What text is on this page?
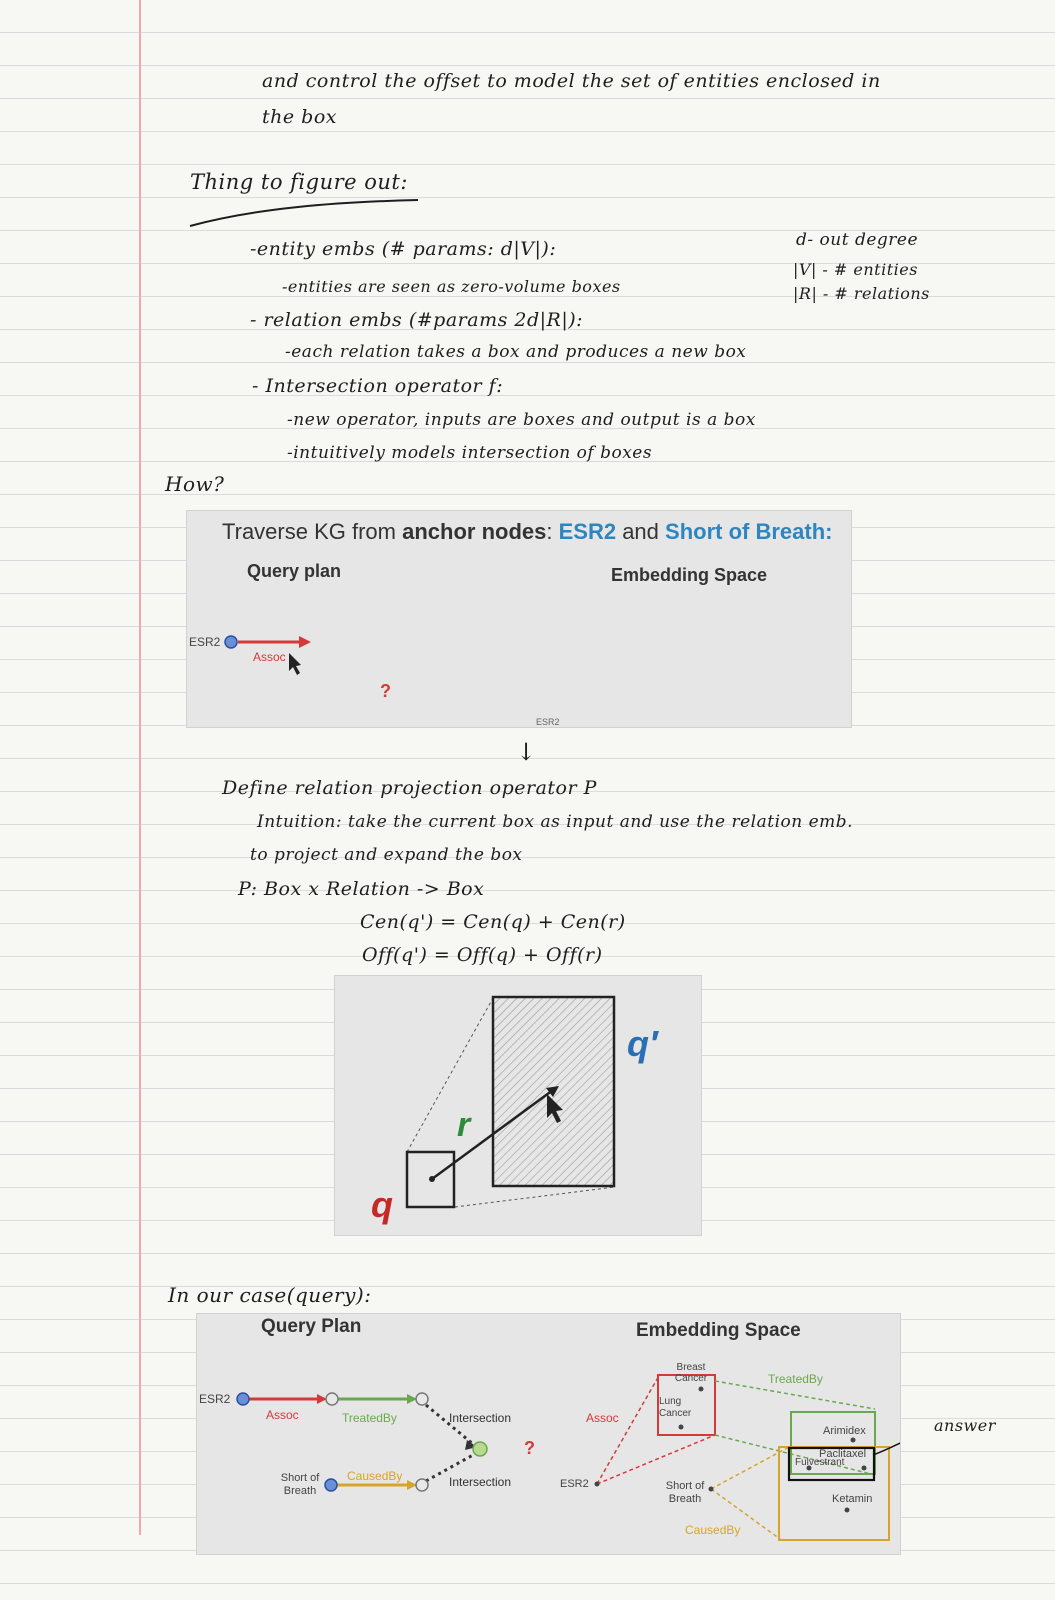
and control the offset to model the set of entities enclosed in
the box
Thing to figure out:
-entity embs (# params: d|V|):
-entities are seen as zero-volume boxes
d- out degree
|V| - # entities
|R| - # relations
- relation embs (#params 2d|R|):
-each relation takes a box and produces a new box
- Intersection operator f:
-new operator, inputs are boxes and output is a box
-intuitively models intersection of boxes
How?
Traverse KG from anchor nodes: ESR2 and Short of Breath:
Query plan	Embedding Space
ESR2
Assoc
?
ESR2
↓
Define relation projection operator P
Intuition: take the current box as input and use the relation emb.
to project and expand the box
P: Box x Relation -> Box
Cen(q') = Cen(q) + Cen(r)
Off(q') = Off(q) + Off(r)
q
r
q′
In our case(query):
Query Plan	Embedding Space
ESR2
Assoc	TreatedBy	Intersection
Intersection
Short of Breath
CausedBy
?
Breast Cancer
Lung Cancer
TreatedBy
Assoc
ESR2
Arimidex
Paclitaxel
Fulvestrant
Short of Breath	Ketamin
CausedBy
answer
